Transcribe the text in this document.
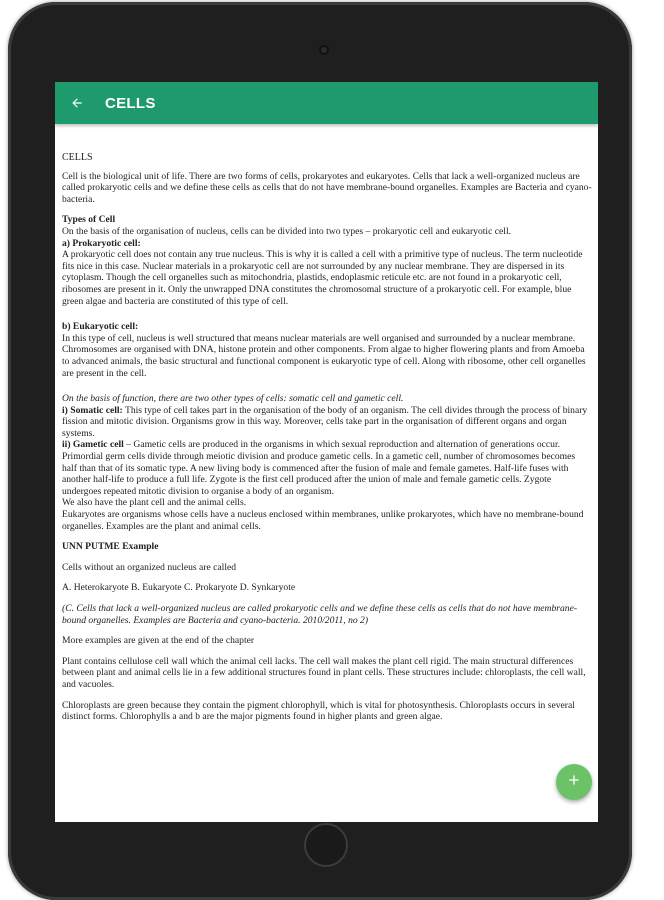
CELLS

CELLS

Cell is the biological unit of life. There are two forms of cells, prokaryotes and eukaryotes. Cells that lack a well-organized nucleus are called prokaryotic cells and we define these cells as cells that do not have membrane-bound organelles. Examples are Bacteria and cyano-bacteria.

Types of Cell

On the basis of the organisation of nucleus, cells can be divided into two types – prokaryotic cell and eukaryotic cell.

a) Prokaryotic cell:

A prokaryotic cell does not contain any true nucleus. This is why it is called a cell with a primitive type of nucleus. The term nucleotide fits nice in this case. Nuclear materials in a prokaryotic cell are not surrounded by any nuclear membrane. They are dispersed in its cytoplasm. Though the cell organelles such as mitochondria, plastids, endoplasmic reticule etc. are not found in a prokaryotic cell, ribosomes are present in it. Only the unwrapped DNA constitutes the chromosomal structure of a prokaryotic cell. For example, blue green algae and bacteria are constituted of this type of cell.

b) Eukaryotic cell:

In this type of cell, nucleus is well structured that means nuclear materials are well organised and surrounded by a nuclear membrane. Chromosomes are organised with DNA, histone protein and other components. From algae to higher flowering plants and from Amoeba to advanced animals, the basic structural and functional component is eukaryotic type of cell. Along with ribosome, other cell organelles are present in the cell.

On the basis of function, there are two other types of cells: somatic cell and gametic cell.

i) Somatic cell: This type of cell takes part in the organisation of the body of an organism. The cell divides through the process of binary fission and mitotic division. Organisms grow in this way. Moreover, cells take part in the organisation of different organs and organ systems.

ii) Gametic cell – Gametic cells are produced in the organisms in which sexual reproduction and alternation of generations occur. Primordial germ cells divide through meiotic division and produce gametic cells. In a gametic cell, number of chromosomes becomes half than that of its somatic type. A new living body is commenced after the fusion of male and female gametes. Half-life fuses with another half-life to produce a full life. Zygote is the first cell produced after the union of male and female gametic cells. Zygote undergoes repeated mitotic division to organise a body of an organism.

We also have the plant cell and the animal cells.

Eukaryotes are organisms whose cells have a nucleus enclosed within membranes, unlike prokaryotes, which have no membrane-bound organelles. Examples are the plant and animal cells.

UNN PUTME Example

Cells without an organized nucleus are called

A. Heterokaryote B. Eukaryote C. Prokaryote D. Synkaryote

(C. Cells that lack a well-organized nucleus are called prokaryotic cells and we define these cells as cells that do not have membrane-bound organelles. Examples are Bacteria and cyano-bacteria. 2010/2011, no 2)

More examples are given at the end of the chapter

Plant contains cellulose cell wall which the animal cell lacks. The cell wall makes the plant cell rigid. The main structural differences between plant and animal cells lie in a few additional structures found in plant cells. These structures include: chloroplasts, the cell wall, and vacuoles.

Chloroplasts are green because they contain the pigment chlorophyll, which is vital for photosynthesis. Chloroplasts occurs in several distinct forms. Chlorophylls a and b are the major pigments found in higher plants and green algae.
